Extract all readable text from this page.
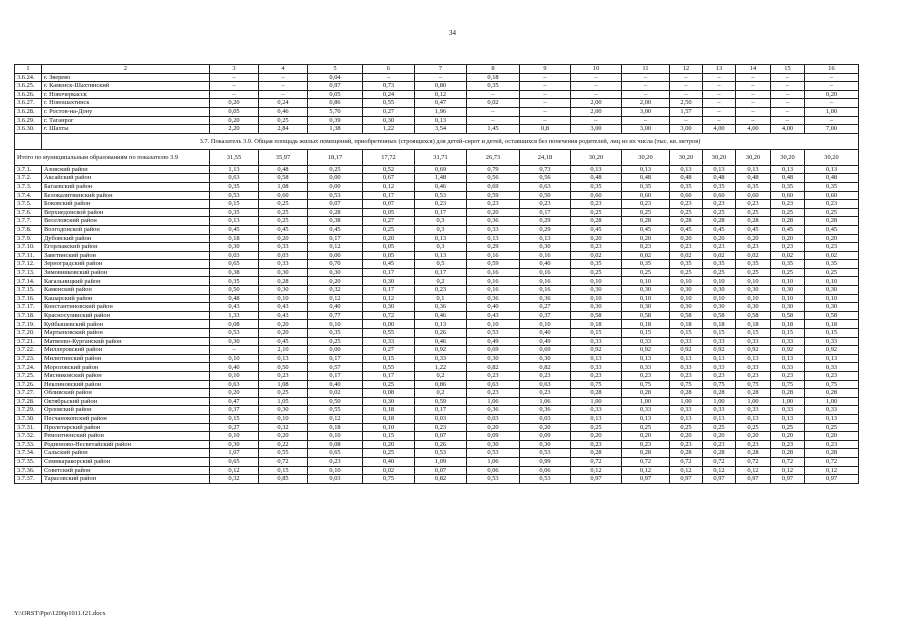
34
1	2	3	4	5	6	7	8	9	10	11	12	13	14	15	16
3.6.24.	г. Зверево	–	–	0,04	–	–	0,18	–	–	–	–	–	–	–	–
3.6.25.	г. Каменск-Шахтинский	–	–	0,97	0,73	0,80	0,35	–	–	–	–	–	–	–	–
3.6.26.	г. Новочеркасск	–	–	0,05	0,24	0,12	–	–	–	–	–	–	–	–	0,20
3.6.27.	г. Новошахтинск	0,20	0,24	0,86	0,55	0,47	0,02	–	2,00	2,00	2,50	–	–	–	–
3.6.28.	г. Ростов-на-Дону	0,05	0,46	5,70	0,27	1,96	–	–	2,00	3,00	1,57	–	–	–	1,00
3.6.29.	г. Таганрог	0,20	0,25	0,39	0,30	0,13	–	–	–	–	–	–	–	–	–
3.6.30.	г. Шахты	2,20	2,84	1,38	1,22	3,54	1,45	0,8	3,00	3,00	3,00	4,00	4,00	4,00	7,00
	3.7. Показатель 3.9. Общая площадь жилых помещений, приобретенных (строящихся) для детей-сирот и детей, оставшихся без попечения родителей, лиц из их числа (тыс. кв. метров)														
Итого по муниципальным образованиям по показателю 3.9		31,55	35,97	18,17	17,72	31,71	26,73	24,18	30,20	30,20	30,20	30,20	30,20	30,20	30,20
3.7.1.	Азовский район	1,13	0,48	0,25	0,52	0,69	0,79	0,73	0,13	0,13	0,13	0,13	0,13	0,13	0,13
3.7.2.	Аксайский район	0,63	0,58	0,00	0,67	1,48	0,56	0,56	0,48	0,48	0,48	0,48	0,48	0,48	0,48
3.7.3.	Багаевский район	0,35	1,08	0,00	0,12	0,46	0,69	0,63	0,35	0,35	0,35	0,35	0,35	0,35	0,35
3.7.4.	Белокалитвинский район	0,53	0,60	0,53	0,17	0,53	0,59	0,50	0,60	0,60	0,60	0,60	0,60	0,60	0,60
3.7.5.	Боковский район	0,15	0,25	0,07	0,07	0,23	0,23	0,23	0,23	0,23	0,23	0,23	0,23	0,23	0,23
3.7.6.	Верхнедонской район	0,35	0,25	0,28	0,05	0,17	0,20	0,17	0,25	0,25	0,25	0,25	0,25	0,25	0,25
3.7.7.	Веселовский район	0,13	0,25	0,38	0,27	0,3	0,36	0,29	0,28	0,28	0,28	0,28	0,28	0,28	0,28
3.7.8.	Волгодонской район	0,45	0,45	0,45	0,25	0,3	0,33	0,29	0,45	0,45	0,45	0,45	0,45	0,45	0,45
3.7.9.	Дубовский район	0,18	0,20	0,17	0,20	0,13	0,13	0,13	0,20	0,20	0,20	0,20	0,20	0,20	0,20
3.7.10.	Егорлыкский район	0,30	0,33	0,12	0,05	0,3	0,29	0,30	0,23	0,23	0,23	0,23	0,23	0,23	0,23
3.7.11.	Заветинский район	0,03	0,03	0,00	0,05	0,13	0,16	0,16	0,02	0,02	0,02	0,02	0,02	0,02	0,02
3.7.12.	Зерноградский район	0,65	0,33	0,70	0,45	0,5	0,59	0,40	0,35	0,35	0,35	0,35	0,35	0,35	0,35
3.7.13.	Зимовниковский район	0,38	0,30	0,30	0,17	0,17	0,16	0,16	0,25	0,25	0,25	0,25	0,25	0,25	0,25
3.7.14.	Кагальницкий район	0,35	0,28	0,20	0,30	0,2	0,16	0,16	0,10	0,10	0,10	0,10	0,10	0,10	0,10
3.7.15.	Каменский район	0,50	0,30	0,32	0,17	0,23	0,16	0,16	0,30	0,30	0,30	0,30	0,30	0,30	0,30
3.7.16.	Кашарский район	0,48	0,10	0,12	0,12	0,1	0,36	0,36	0,10	0,10	0,10	0,10	0,10	0,10	0,10
3.7.17.	Константиновский район	0,43	0,43	0,40	0,30	0,36	0,40	0,27	0,30	0,30	0,30	0,30	0,30	0,30	0,30
3.7.18.	Красносулинский район	1,33	0,43	0,77	0,72	0,46	0,43	0,37	0,58	0,58	0,58	0,58	0,58	0,58	0,58
3.7.19.	Куйбышевский район	0,08	0,20	0,10	0,00	0,13	0,10	0,10	0,18	0,18	0,18	0,18	0,18	0,18	0,18
3.7.20.	Мартыновский район	0,53	0,20	0,35	0,55	0,26	0,53	0,40	0,15	0,15	0,15	0,15	0,15	0,15	0,15
3.7.21.	Матвеево-Курганский район	0,30	0,45	0,25	0,33	0,46	0,49	0,49	0,33	0,33	0,33	0,33	0,33	0,33	0,33
3.7.22.	Миллеровский район	–	2,10	0,00	0,27	0,92	0,69	0,69	0,92	0,92	0,92	0,92	0,92	0,92	0,92
3.7.23.	Милютинский район	0,10	0,13	0,17	0,15	0,33	0,30	0,30	0,13	0,13	0,13	0,13	0,13	0,13	0,13
3.7.24.	Морозовский район	0,40	0,50	0,57	0,55	1,22	0,82	0,82	0,33	0,33	0,33	0,33	0,33	0,33	0,33
3.7.25.	Мясниковский район	0,10	0,23	0,17	0,17	0,2	0,23	0,23	0,23	0,23	0,23	0,23	0,23	0,23	0,23
3.7.26.	Неклиновский район	0,63	1,08	0,40	0,25	0,86	0,63	0,63	0,75	0,75	0,75	0,75	0,75	0,75	0,75
3.7.27.	Обливский район	0,20	0,25	0,02	0,08	0,2	0,23	0,23	0,28	0,28	0,28	0,28	0,28	0,28	0,28
3.7.28.	Октябрьский район	0,47	1,05	0,50	0,30	0,59	1,06	1,06	1,00	1,00	1,00	1,00	1,00	1,00	1,00
3.7.29.	Орловский район	0,37	0,30	0,55	0,18	0,17	0,36	0,36	0,33	0,33	0,33	0,33	0,33	0,33	0,33
3.7.30.	Песчанокопский район	0,15	0,10	0,12	0,18	0,03	0,03	0,03	0,13	0,13	0,13	0,13	0,13	0,13	0,13
3.7.31.	Пролетарский район	0,27	0,32	0,18	0,10	0,23	0,20	0,20	0,25	0,25	0,25	0,25	0,25	0,25	0,25
3.7.32.	Ремонтненский район	0,10	0,20	0,10	0,15	0,07	0,09	0,09	0,20	0,20	0,20	0,20	0,20	0,20	0,20
3.7.33.	Родионово-Несветайский район	0,30	0,22	0,08	0,20	0,26	0,30	0,30	0,23	0,23	0,23	0,23	0,23	0,23	0,23
3.7.34.	Сальский район	1,07	0,55	0,65	0,25	0,53	0,53	0,53	0,28	0,28	0,28	0,28	0,28	0,28	0,28
3.7.35.	Семикаракорский район	0,65	0,72	0,23	0,40	1,09	1,06	0,99	0,72	0,72	0,72	0,72	0,72	0,72	0,72
3.7.36.	Советский район	0,12	0,15	0,10	0,02	0,07	0,06	0,06	0,12	0,12	0,12	0,12	0,12	0,12	0,12
3.7.37.	Тарасовский район	0,32	0,85	0,03	0,75	0,82	0,53	0,53	0,97	0,97	0,97	0,97	0,97	0,97	0,97
Y:\ORST\Ppo\1206p1011.f21.docx
